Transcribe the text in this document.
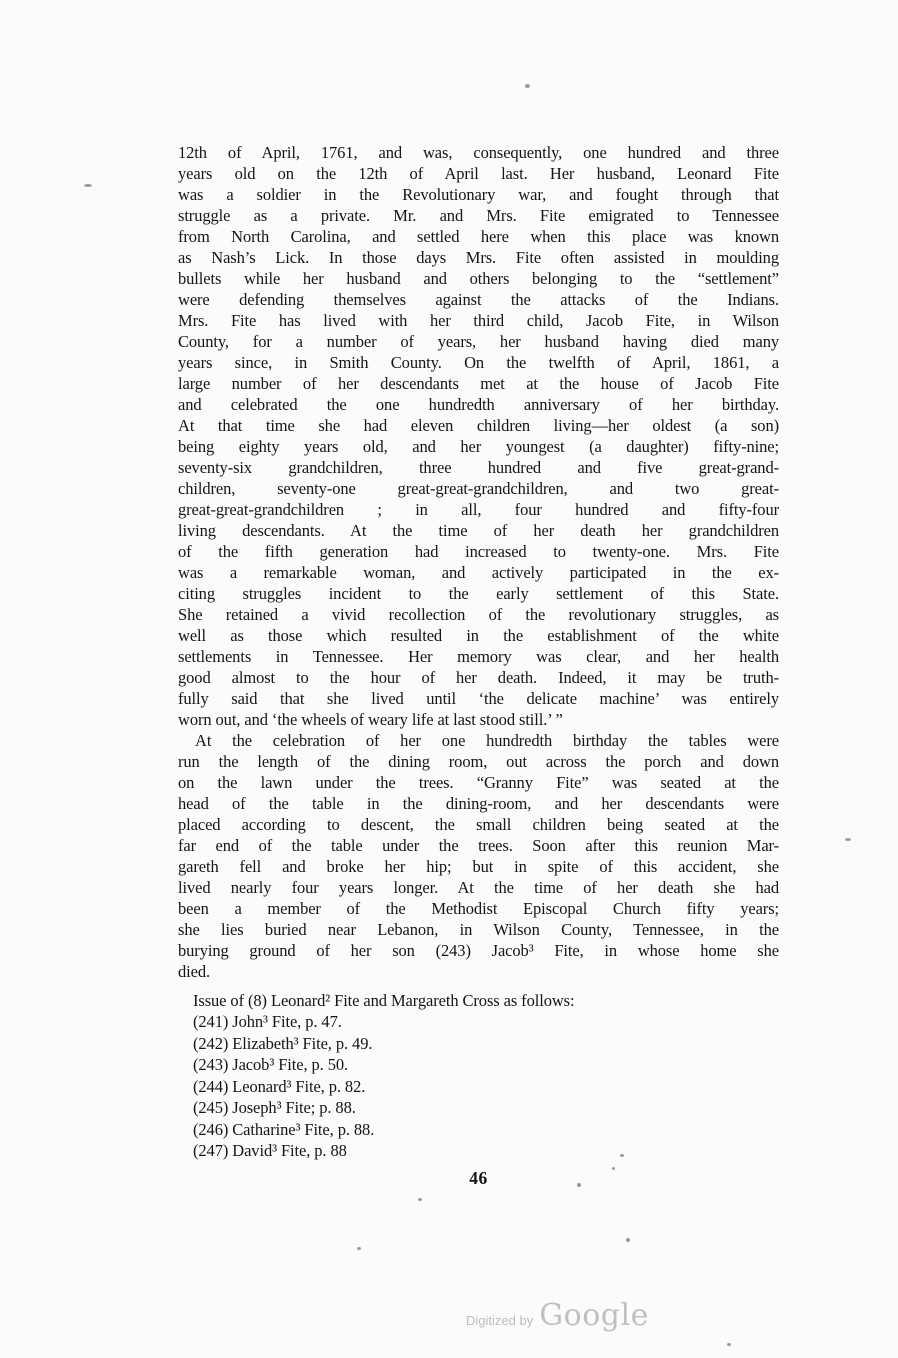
12th of April, 1761, and was, consequently, one hundred and three
years old on the 12th of April last. Her husband, Leonard Fite
was a soldier in the Revolutionary war, and fought through that
struggle as a private. Mr. and Mrs. Fite emigrated to Tennessee
from North Carolina, and settled here when this place was known
as Nash’s Lick. In those days Mrs. Fite often assisted in moulding
bullets while her husband and others belonging to the “settlement”
were defending themselves against the attacks of the Indians.
Mrs. Fite has lived with her third child, Jacob Fite, in Wilson
County, for a number of years, her husband having died many
years since, in Smith County. On the twelfth of April, 1861, a
large number of her descendants met at the house of Jacob Fite
and celebrated the one hundredth anniversary of her birthday.
At that time she had eleven children living—her oldest (a son)
being eighty years old, and her youngest (a daughter) fifty-nine;
seventy-six grandchildren, three hundred and five great-grand-
children, seventy-one great-great-grandchildren, and two great-
great-great-grandchildren ; in all, four hundred and fifty-four
living descendants. At the time of her death her grandchildren
of the fifth generation had increased to twenty-one. Mrs. Fite
was a remarkable woman, and actively participated in the ex-
citing struggles incident to the early settlement of this State.
She retained a vivid recollection of the revolutionary struggles, as
well as those which resulted in the establishment of the white
settlements in Tennessee. Her memory was clear, and her health
good almost to the hour of her death. Indeed, it may be truth-
fully said that she lived until ‘the delicate machine’ was entirely
worn out, and ‘the wheels of weary life at last stood still.’ ”
At the celebration of her one hundredth birthday the tables were
run the length of the dining room, out across the porch and down
on the lawn under the trees. “Granny Fite” was seated at the
head of the table in the dining-room, and her descendants were
placed according to descent, the small children being seated at the
far end of the table under the trees. Soon after this reunion Mar-
gareth fell and broke her hip; but in spite of this accident, she
lived nearly four years longer. At the time of her death she had
been a member of the Methodist Episcopal Church fifty years;
she lies buried near Lebanon, in Wilson County, Tennessee, in the
burying ground of her son (243) Jacob³ Fite, in whose home she
died.
Issue of (8) Leonard² Fite and Margareth Cross as follows:
(241) John³ Fite, p. 47.
(242) Elizabeth³ Fite, p. 49.
(243) Jacob³ Fite, p. 50.
(244) Leonard³ Fite, p. 82.
(245) Joseph³ Fite; p. 88.
(246) Catharine³ Fite, p. 88.
(247) David³ Fite, p. 88
46
Digitized by Google
